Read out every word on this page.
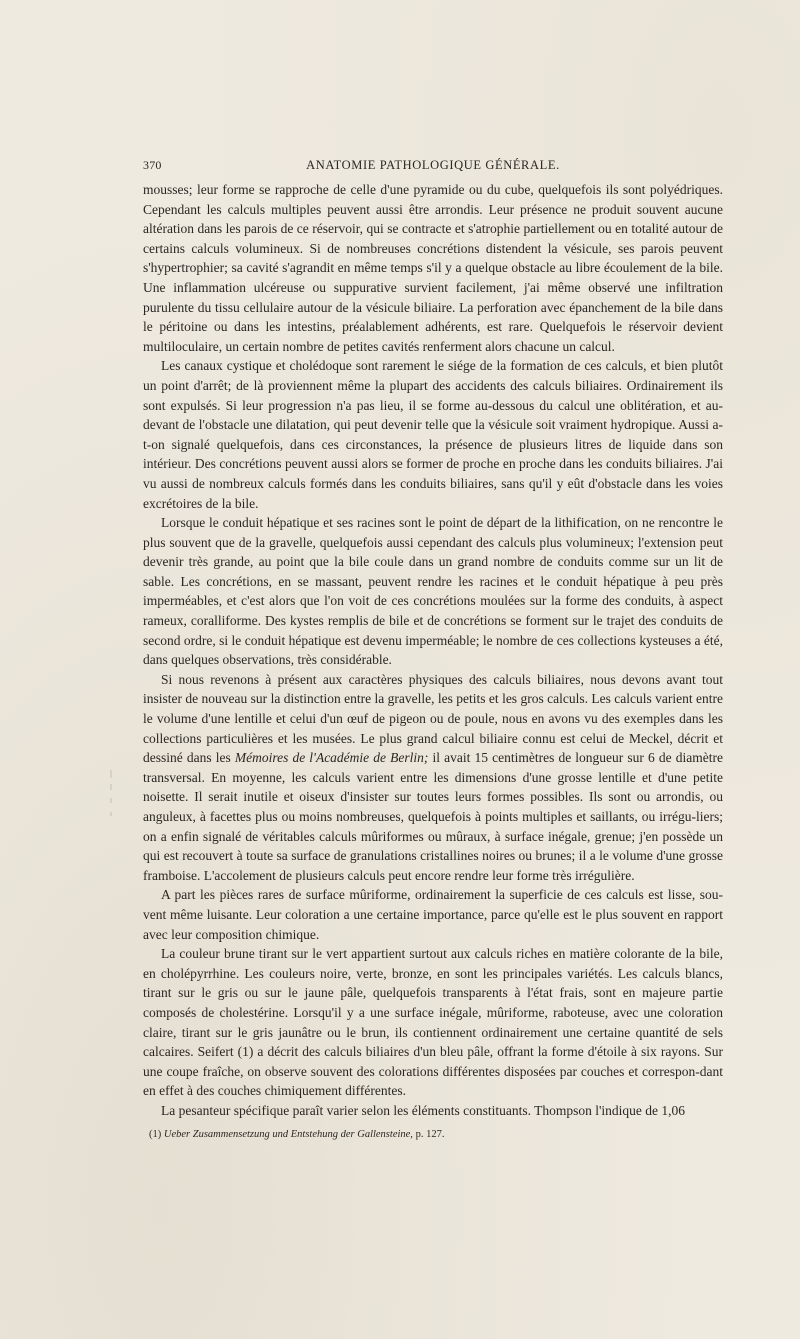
370	ANATOMIE PATHOLOGIQUE GÉNÉRALE.

mousses; leur forme se rapproche de celle d'une pyramide ou du cube, quelquefois ils sont polyédriques. Cependant les calculs multiples peuvent aussi être arrondis. Leur présence ne produit souvent aucune altération dans les parois de ce réservoir, qui se contracte et s'atrophie partiellement ou en totalité autour de certains calculs volumineux. Si de nombreuses concrétions distendent la vésicule, ses parois peuvent s'hypertrophier; sa cavité s'agrandit en même temps s'il y a quelque obstacle au libre écoulement de la bile. Une inflammation ulcéreuse ou suppurative survient facilement, j'ai même observé une infiltration purulente du tissu cellulaire autour de la vésicule biliaire. La perforation avec épanchement de la bile dans le péritoine ou dans les intestins, préalablement adhérents, est rare. Quelquefois le réservoir devient multiloculaire, un certain nombre de petites cavités renferment alors chacune un calcul.

Les canaux cystique et cholédoque sont rarement le siége de la formation de ces calculs, et bien plutôt un point d'arrêt; de là proviennent même la plupart des accidents des calculs biliaires. Ordinairement ils sont expulsés. Si leur progression n'a pas lieu, il se forme au-dessous du calcul une oblitération, et au-devant de l'obstacle une dilatation, qui peut devenir telle que la vésicule soit vraiment hydropique. Aussi a-t-on signalé quelquefois, dans ces circonstances, la présence de plusieurs litres de liquide dans son intérieur. Des concrétions peuvent aussi alors se former de proche en proche dans les conduits biliaires. J'ai vu aussi de nombreux calculs formés dans les conduits biliaires, sans qu'il y eût d'obstacle dans les voies excrétoires de la bile.

Lorsque le conduit hépatique et ses racines sont le point de départ de la lithification, on ne rencontre le plus souvent que de la gravelle, quelquefois aussi cependant des calculs plus volumineux; l'extension peut devenir très grande, au point que la bile coule dans un grand nombre de conduits comme sur un lit de sable. Les concrétions, en se massant, peuvent rendre les racines et le conduit hépatique à peu près imperméables, et c'est alors que l'on voit de ces concrétions moulées sur la forme des conduits, à aspect rameux, coralliforme. Des kystes remplis de bile et de concrétions se forment sur le trajet des conduits de second ordre, si le conduit hépatique est devenu imperméable; le nombre de ces collections kysteuses a été, dans quelques observations, très considérable.

Si nous revenons à présent aux caractères physiques des calculs biliaires, nous devons avant tout insister de nouveau sur la distinction entre la gravelle, les petits et les gros calculs. Les calculs varient entre le volume d'une lentille et celui d'un œuf de pigeon ou de poule, nous en avons vu des exemples dans les collections particulières et les musées. Le plus grand calcul biliaire connu est celui de Meckel, décrit et dessiné dans les Mémoires de l'Académie de Berlin; il avait 15 centimètres de longueur sur 6 de diamètre transversal. En moyenne, les calculs varient entre les dimensions d'une grosse lentille et d'une petite noisette. Il serait inutile et oiseux d'insister sur toutes leurs formes possibles. Ils sont ou arrondis, ou anguleux, à facettes plus ou moins nombreuses, quelquefois à points multiples et saillants, ou irrégu-liers; on a enfin signalé de véritables calculs mûriformes ou mûraux, à surface inégale, grenue; j'en possède un qui est recouvert à toute sa surface de granulations cristallines noires ou brunes; il a le volume d'une grosse framboise. L'accolement de plusieurs calculs peut encore rendre leur forme très irrégulière.

A part les pièces rares de surface mûriforme, ordinairement la superficie de ces calculs est lisse, sou-vent même luisante. Leur coloration a une certaine importance, parce qu'elle est le plus souvent en rapport avec leur composition chimique.

La couleur brune tirant sur le vert appartient surtout aux calculs riches en matière colorante de la bile, en cholépyrrhine. Les couleurs noire, verte, bronze, en sont les principales variétés. Les calculs blancs, tirant sur le gris ou sur le jaune pâle, quelquefois transparents à l'état frais, sont en majeure partie composés de cholestérine. Lorsqu'il y a une surface inégale, mûriforme, raboteuse, avec une coloration claire, tirant sur le gris jaunâtre ou le brun, ils contiennent ordinairement une certaine quantité de sels calcaires. Seifert (1) a décrit des calculs biliaires d'un bleu pâle, offrant la forme d'étoile à six rayons. Sur une coupe fraîche, on observe souvent des colorations différentes disposées par couches et correspon-dant en effet à des couches chimiquement différentes.

La pesanteur spécifique paraît varier selon les éléments constituants. Thompson l'indique de 1,06

(1) Ueber Zusammensetzung und Entstehung der Gallensteine, p. 127.
